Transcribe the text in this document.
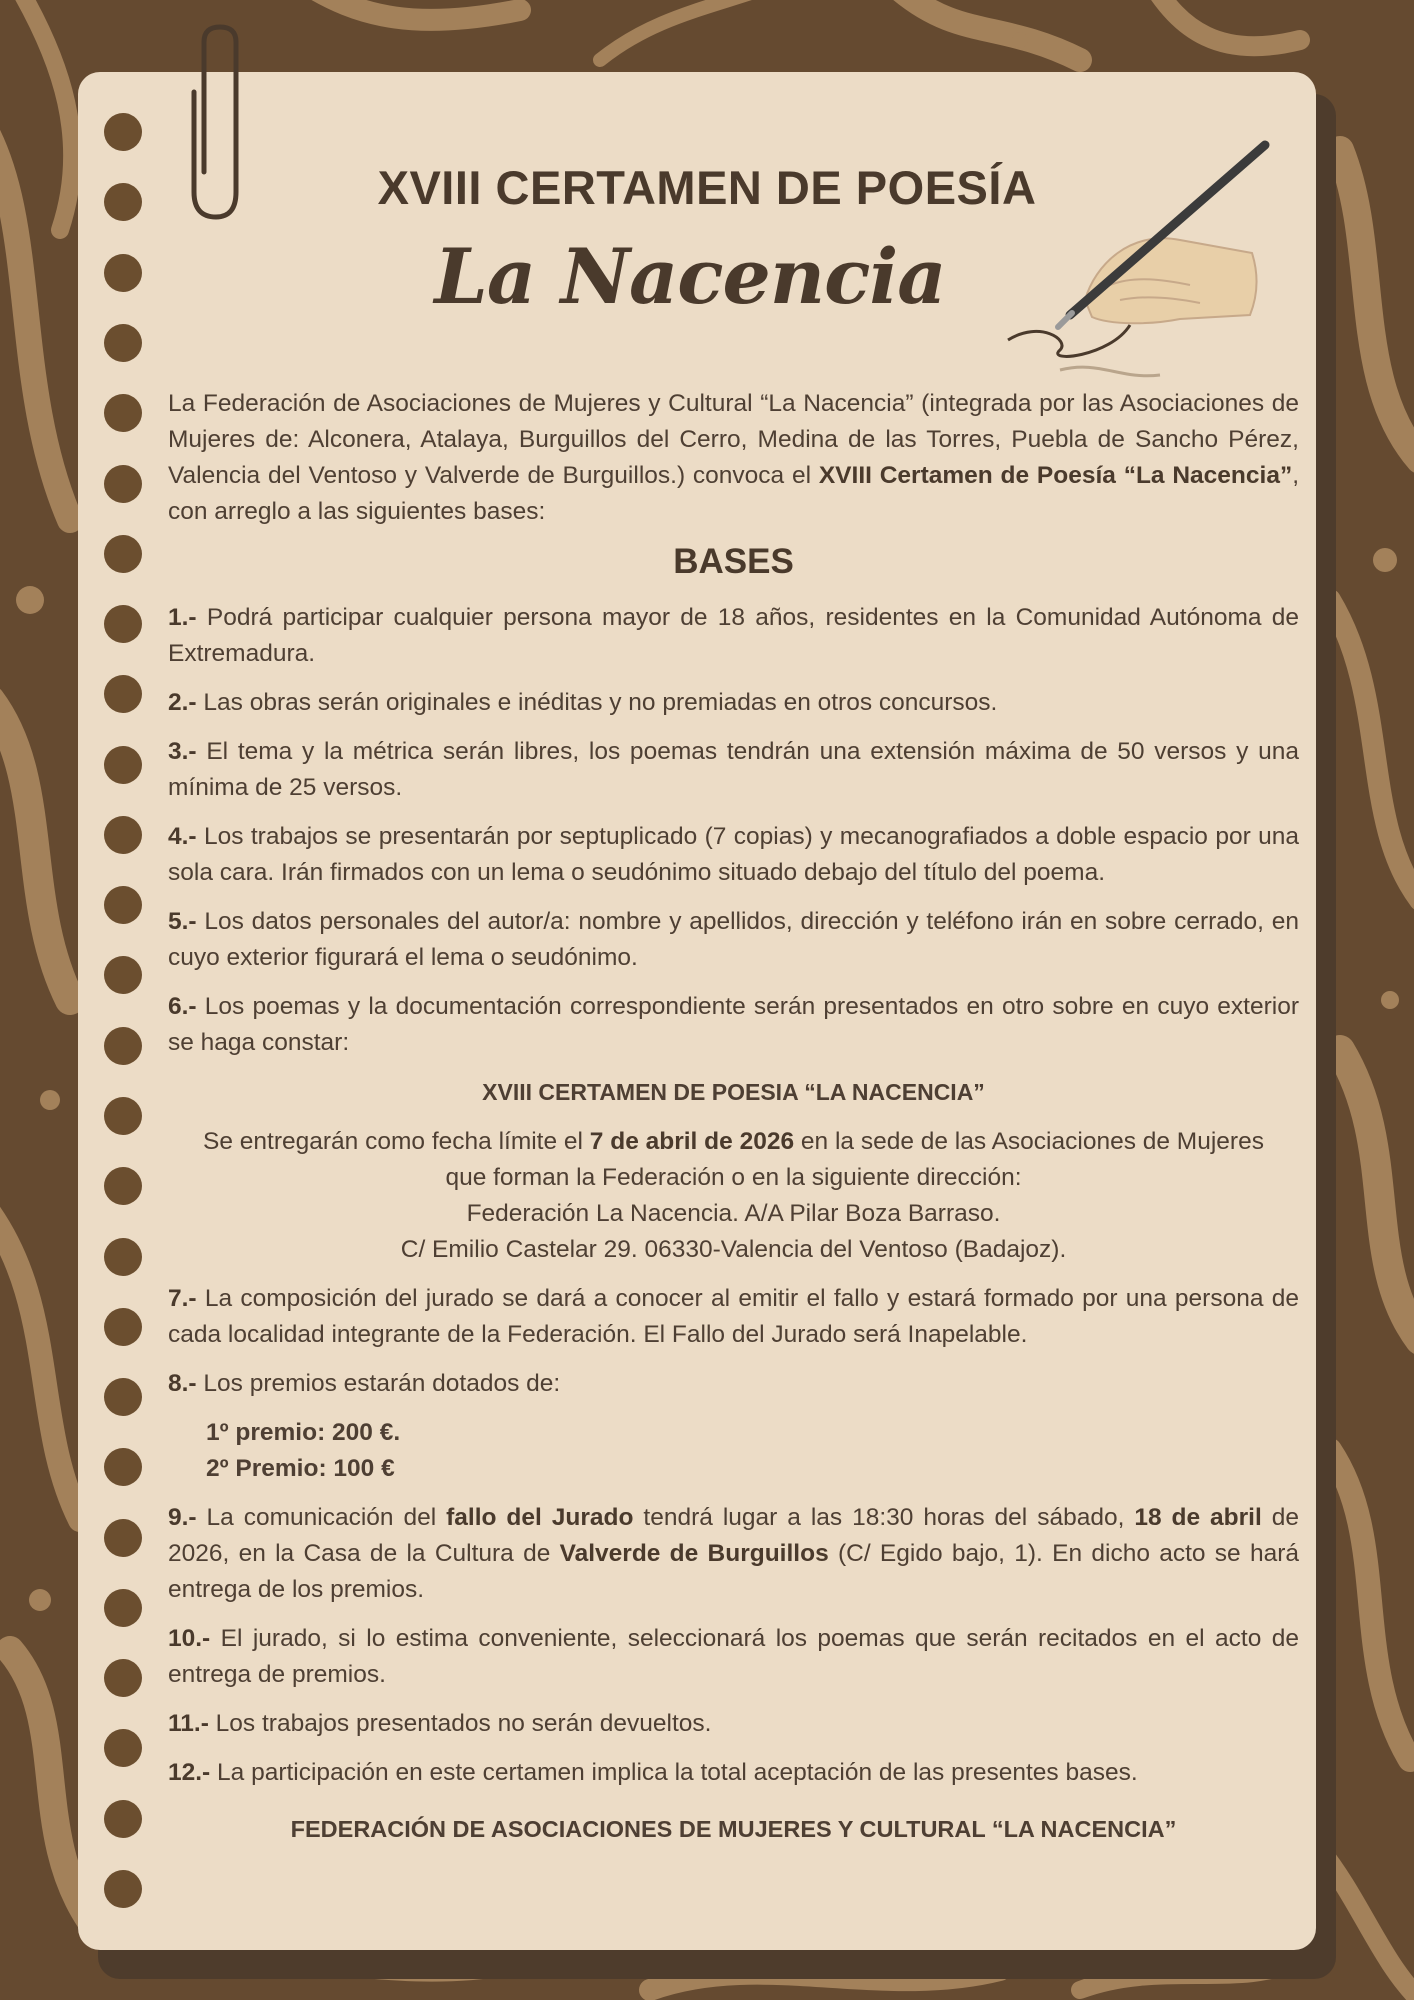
XVIII CERTAMEN DE POESÍA
La Nacencia

La Federación de Asociaciones de Mujeres y Cultural “La Nacencia” (integrada por las Asociaciones de Mujeres de: Alconera, Atalaya, Burguillos del Cerro, Medina de las Torres, Puebla de Sancho Pérez, Valencia del Ventoso y Valverde de Burguillos.) convoca el XVIII Certamen de Poesía “La Nacencia”, con arreglo a las siguientes bases:

BASES

1.- Podrá participar cualquier persona mayor de 18 años, residentes en la Comunidad Autónoma de Extremadura.

2.- Las obras serán originales e inéditas y no premiadas en otros concursos.

3.- El tema y la métrica serán libres, los poemas tendrán una extensión máxima de 50 versos y una mínima de 25 versos.

4.- Los trabajos se presentarán por septuplicado (7 copias) y mecanografiados a doble espacio por una sola cara. Irán firmados con un lema o seudónimo situado debajo del título del poema.

5.- Los datos personales del autor/a: nombre y apellidos, dirección y teléfono irán en sobre cerrado, en cuyo exterior figurará el lema o seudónimo.

6.- Los poemas y la documentación correspondiente serán presentados en otro sobre en cuyo exterior se haga constar:

XVIII CERTAMEN DE POESIA “LA NACENCIA”

Se entregarán como fecha límite el 7 de abril de 2026 en la sede de las Asociaciones de Mujeres que forman la Federación o en la siguiente dirección:
Federación La Nacencia. A/A Pilar Boza Barraso.
C/ Emilio Castelar 29. 06330-Valencia del Ventoso (Badajoz).

7.- La composición del jurado se dará a conocer al emitir el fallo y estará formado por una persona de cada localidad integrante de la Federación. El Fallo del Jurado será Inapelable.

8.- Los premios estarán dotados de:

1º premio: 200 €.

2º Premio: 100 €

9.- La comunicación del fallo del Jurado tendrá lugar a las 18:30 horas del sábado, 18 de abril de 2026, en la Casa de la Cultura de Valverde de Burguillos (C/ Egido bajo, 1). En dicho acto se hará entrega de los premios.

10.- El jurado, si lo estima conveniente, seleccionará los poemas que serán recitados en el acto de entrega de premios.

11.- Los trabajos presentados no serán devueltos.

12.- La participación en este certamen implica la total aceptación de las presentes bases.

FEDERACIÓN DE ASOCIACIONES DE MUJERES Y CULTURAL “LA NACENCIA”
